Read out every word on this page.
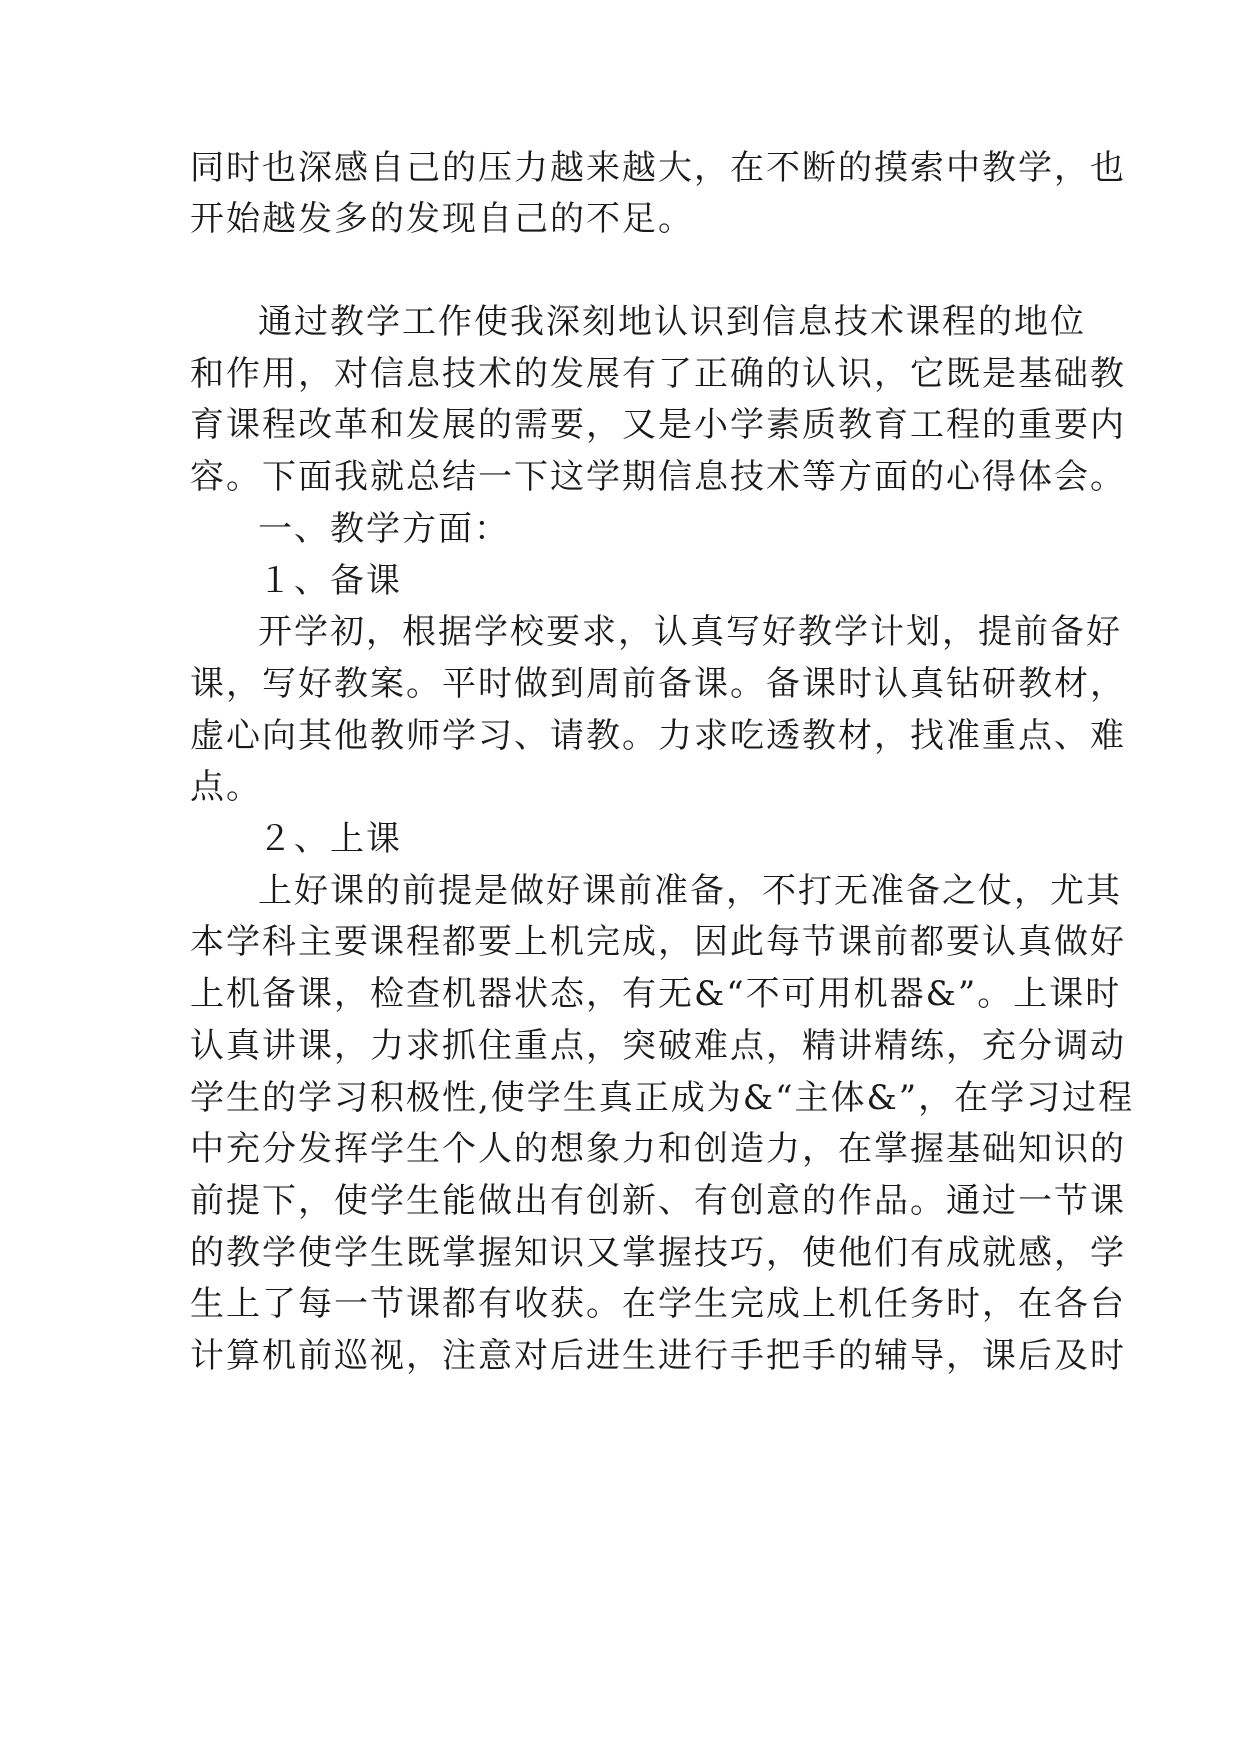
同时也深感自己的压力越来越大，在不断的摸索中教学，也
开始越发多的发现自己的不足。
通过教学工作使我深刻地认识到信息技术课程的地位
和作用，对信息技术的发展有了正确的认识，它既是基础教
育课程改革和发展的需要，又是小学素质教育工程的重要内
容。下面我就总结一下这学期信息技术等方面的心得体会。
一、教学方面：
１、备课
开学初，根据学校要求，认真写好教学计划，提前备好
课，写好教案。平时做到周前备课。备课时认真钻研教材，
虚心向其他教师学习、请教。力求吃透教材，找准重点、难
点。
２、上课
上好课的前提是做好课前准备，不打无准备之仗，尤其
本学科主要课程都要上机完成，因此每节课前都要认真做好
上机备课，检查机器状态，有无&“不可用机器&”。上课时
认真讲课，力求抓住重点，突破难点，精讲精练，充分调动
学生的学习积极性,使学生真正成为&“主体&”，在学习过程
中充分发挥学生个人的想象力和创造力，在掌握基础知识的
前提下，使学生能做出有创新、有创意的作品。通过一节课
的教学使学生既掌握知识又掌握技巧，使他们有成就感，学
生上了每一节课都有收获。在学生完成上机任务时，在各台
计算机前巡视，注意对后进生进行手把手的辅导，课后及时
